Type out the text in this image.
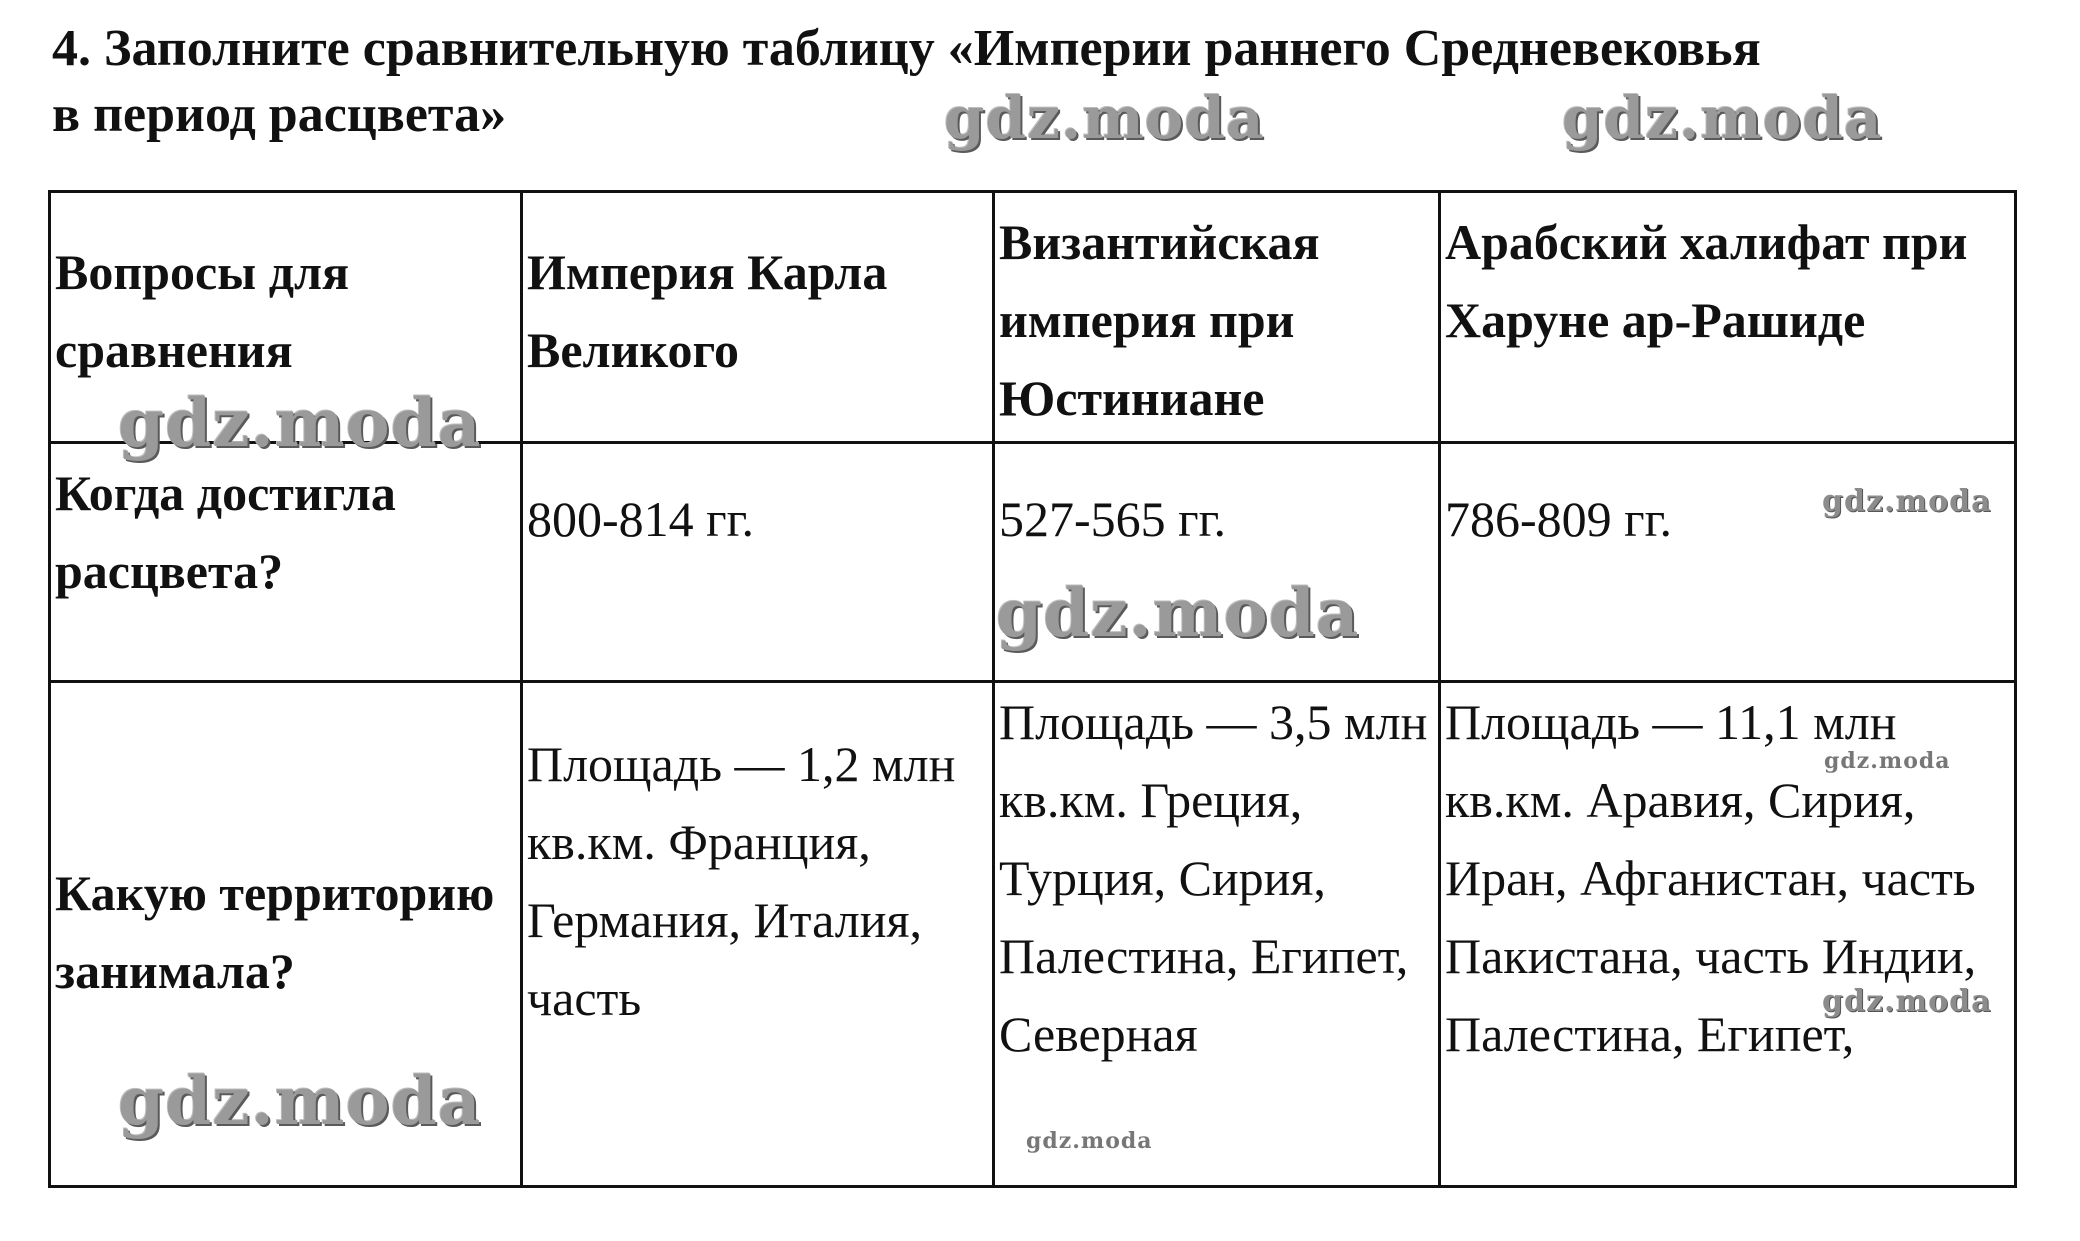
4. Заполните сравнительную таблицу «Империи раннего Средневековья
в период расцвета»
Вопросы для сравнения	Империя Карла Великого	Византийская империя при Юстиниане	Арабский халифат при Харуне ар-Рашиде
Когда достигла расцвета?	800-814 гг.	527-565 гг.	786-809 гг.
Какую территорию занимала?	Площадь — 1,2 млн кв.км. Франция, Германия, Италия, часть	Площадь — 3,5 млн кв.км. Греция, Турция, Сирия, Палестина, Египет, Северная	Площадь — 11,1 млн кв.км. Аравия, Сирия, Иран, Афганистан, часть Пакистана, часть Индии, Палестина, Египет,
gdz.moda	gdz.moda
gdz.moda
gdz.moda
gdz.moda
gdz.moda
gdz.moda
gdz.moda
gdz.moda
